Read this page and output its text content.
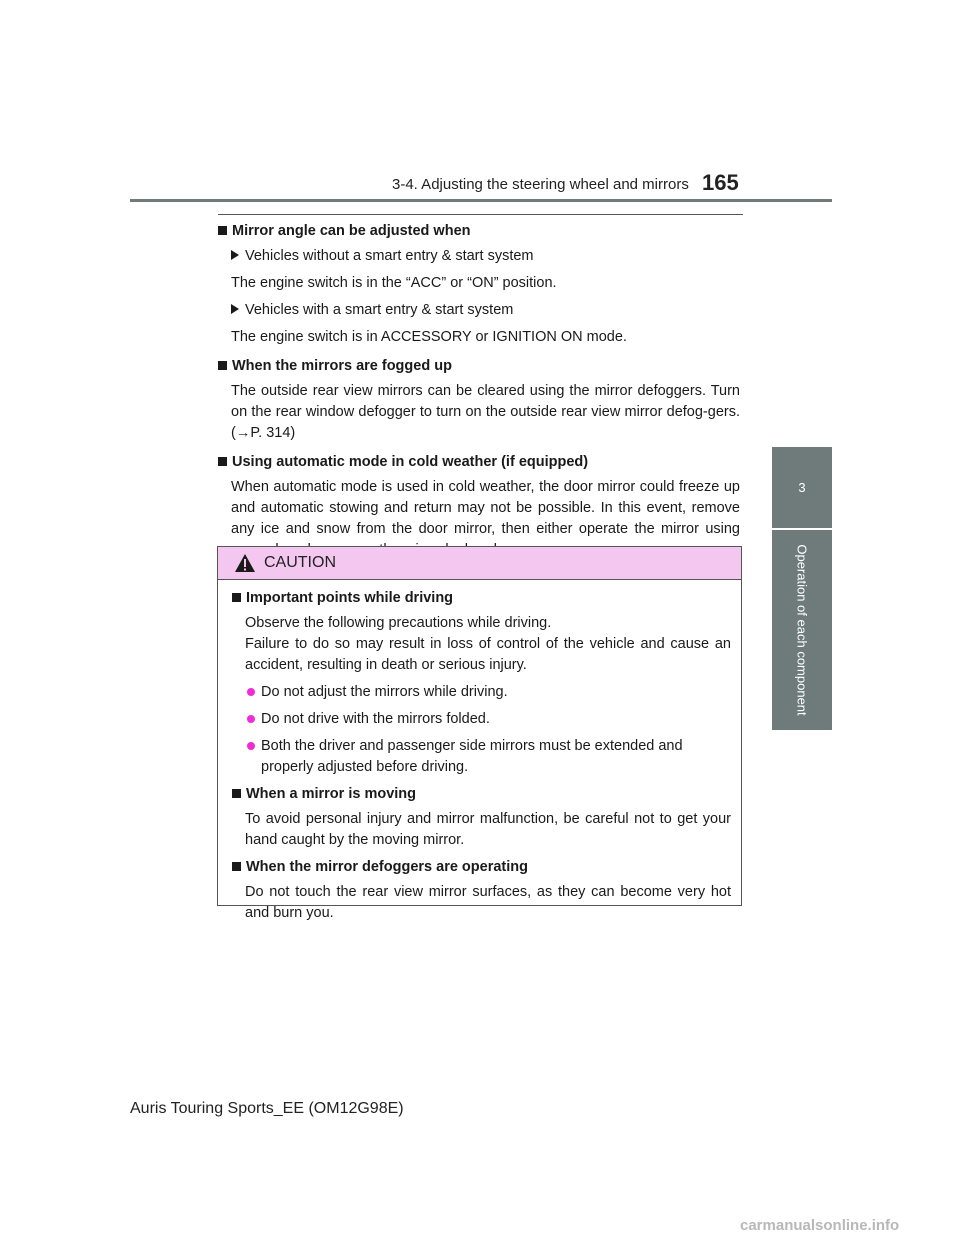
3-4. Adjusting the steering wheel and mirrors 165
3
Operation of each component
Mirror angle can be adjusted when
Vehicles without a smart entry & start system
The engine switch is in the “ACC” or “ON” position.
Vehicles with a smart entry & start system
The engine switch is in ACCESSORY or IGNITION ON mode.
When the mirrors are fogged up
The outside rear view mirrors can be cleared using the mirror defoggers. Turn on the rear window defogger to turn on the outside rear view mirror defog-gers. (→P. 314)
Using automatic mode in cold weather (if equipped)
When automatic mode is used in cold weather, the door mirror could freeze up and automatic stowing and return may not be possible. In this event, remove any ice and snow from the door mirror, then either operate the mirror using
CAUTION
Important points while driving
Observe the following precautions while driving.
Failure to do so may result in loss of control of the vehicle and cause an accident, resulting in death or serious injury.
Do not adjust the mirrors while driving.
Do not drive with the mirrors folded.
Both the driver and passenger side mirrors must be extended and properly adjusted before driving.
When a mirror is moving
To avoid personal injury and mirror malfunction, be careful not to get your hand caught by the moving mirror.
When the mirror defoggers are operating
Do not touch the rear view mirror surfaces, as they can become very hot and burn you.
Auris Touring Sports_EE (OM12G98E)
carmanualsonline.info
